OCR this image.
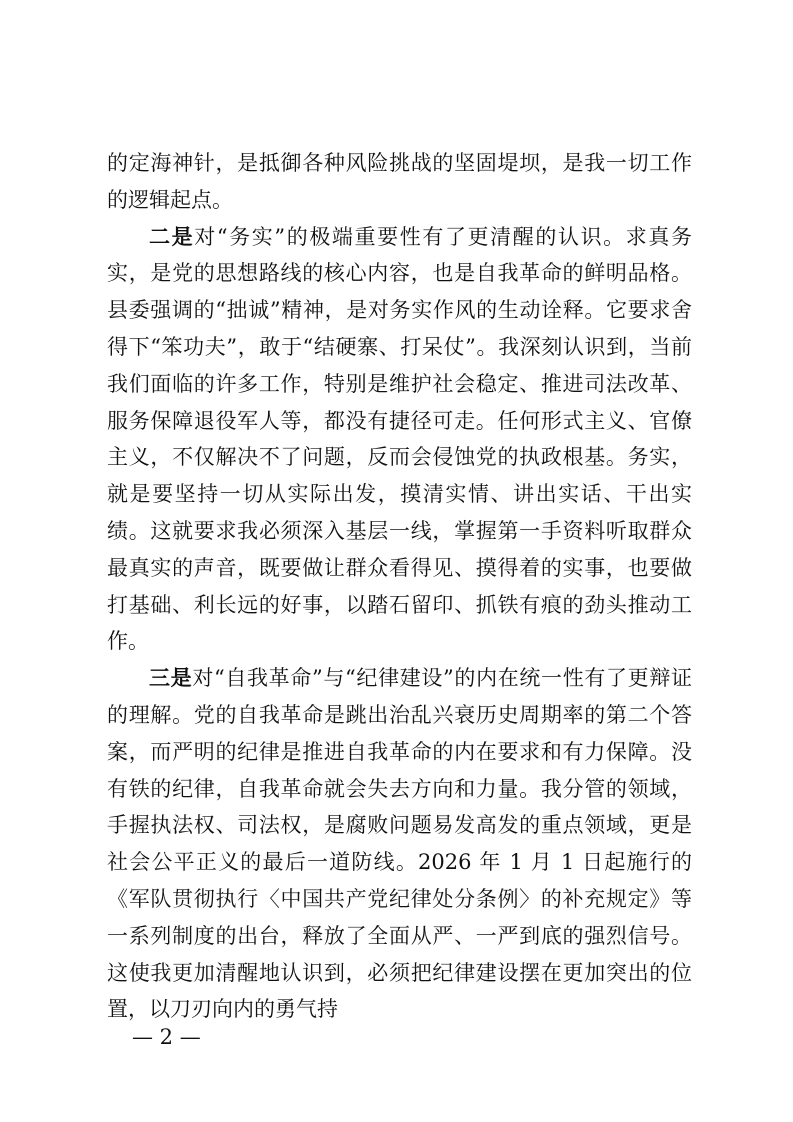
的定海神针，是抵御各种风险挑战的坚固堤坝，是我一切工作的逻辑起点。

二是对“务实”的极端重要性有了更清醒的认识。求真务实，是党的思想路线的核心内容，也是自我革命的鲜明品格。县委强调的“拙诚”精神，是对务实作风的生动诠释。它要求舍得下“笨功夫”，敢于“结硬寨、打呆仗”。我深刻认识到，当前我们面临的许多工作，特别是维护社会稳定、推进司法改革、服务保障退役军人等，都没有捷径可走。任何形式主义、官僚主义，不仅解决不了问题，反而会侵蚀党的执政根基。务实，就是要坚持一切从实际出发，摸清实情、讲出实话、干出实绩。这就要求我必须深入基层一线，掌握第一手资料听取群众最真实的声音，既要做让群众看得见、摸得着的实事，也要做打基础、利长远的好事，以踏石留印、抓铁有痕的劲头推动工作。

三是对“自我革命”与“纪律建设”的内在统一性有了更辩证的理解。党的自我革命是跳出治乱兴衰历史周期率的第二个答案，而严明的纪律是推进自我革命的内在要求和有力保障。没有铁的纪律，自我革命就会失去方向和力量。我分管的领域，手握执法权、司法权，是腐败问题易发高发的重点领域，更是社会公平正义的最后一道防线。2026 年 1 月 1 日起施行的《军队贯彻执行〈中国共产党纪律处分条例〉的补充规定》等一系列制度的出台，释放了全面从严、一严到底的强烈信号。这使我更加清醒地认识到，必须把纪律建设摆在更加突出的位置，以刀刃向内的勇气持

— 2 —
